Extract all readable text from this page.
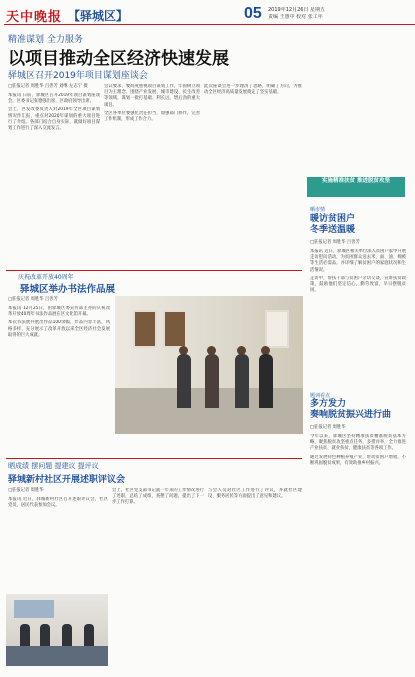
天中晚报 【驿城区】	05 2019年12月26日 星期五
责编 王惠中 校对 张工年
精准谋划 全力服务
以项目推动全区经济快速发展
驿城区召开2019年项目谋划座谈会
□驻报记者 周胜华 吕善芳 刘继 左志宁 摄

本报讯 日前，驿城区召开2019年项目谋划座谈会，区委书记张德强出席，区政府领导出席。

会上，区发改委负责人对2019年全区项目谋划情况作汇报，重点对2020年谋划的重大项目进行了介绍。各部门结合自身实际，就做好项目谋划工作进行了深入交流发言。

会议要求，要高度重视项目谋划工作，牢固树立项目为王理念，围绕产业发展、城市建设、民生改善等领域，谋划一批打基础、利长远、增后劲的重大项目。

全区各单位要强化责任担当，加强部门协作，完善工作机制，形成工作合力。

此次座谈会进一步理清了思路，明确了方向，为推动全区经济高质量发展奠定了坚实基础。

实施精准扶贫 推进脱贫攻坚
晒市情
暖访贫困户
冬季送温暖
□驻报记者 周胜华 吕善芳

本报讯 近日，驿城区相关单位深入贫困户家中开展走访慰问活动，为贫困群众送去米、面、油、棉被等生活必需品，并详细了解贫困户的家庭状况和生活情况。

走访中，帮扶干部与贫困户亲切交谈，宣讲扶贫政策，鼓励他们坚定信心，勤劳致富，早日摆脱贫困。

庆祝改革开放40周年
驿城区举办书法作品展
□驻报记者 周胜华 吕善芳

本报讯 12月25日，由驿城区委宣传部主办的庆祝改革开放40周年书法作品展在区文化馆开幕。

本次书法展共展出作品100余幅，作品内容丰富，风格多样，充分展示了改革开放以来全区经济社会发展取得的巨大成就。

题词看点
多方发力
奏响脱贫振兴进行曲
□驻报记者 周胜华

今年以来，驿城区坚持精准扶贫精准脱贫基本方略，聚焦脱贫攻坚重点任务，多措并举，全力推进产业扶贫、就业扶贫、健康扶贫等各项工作。

通过发展特色种植养殖产业，带动贫困户增收，不断巩固脱贫成果，有效助推乡村振兴。

晒成绩 摆问题 提建议 提评议
驿城新村社区开展述职评议会
□驻报记者 周胜华

本报讯 近日，驿城新村社区召开述职评议会，社区党员、居民代表参加会议。

会上，社区党支部书记就一年来的工作情况进行了述职，总结了成绩，查摆了问题，提出了下一步工作打算。

与会人员对社区工作进行了评议，并就社区建设、服务居民等方面提出了意见和建议。
